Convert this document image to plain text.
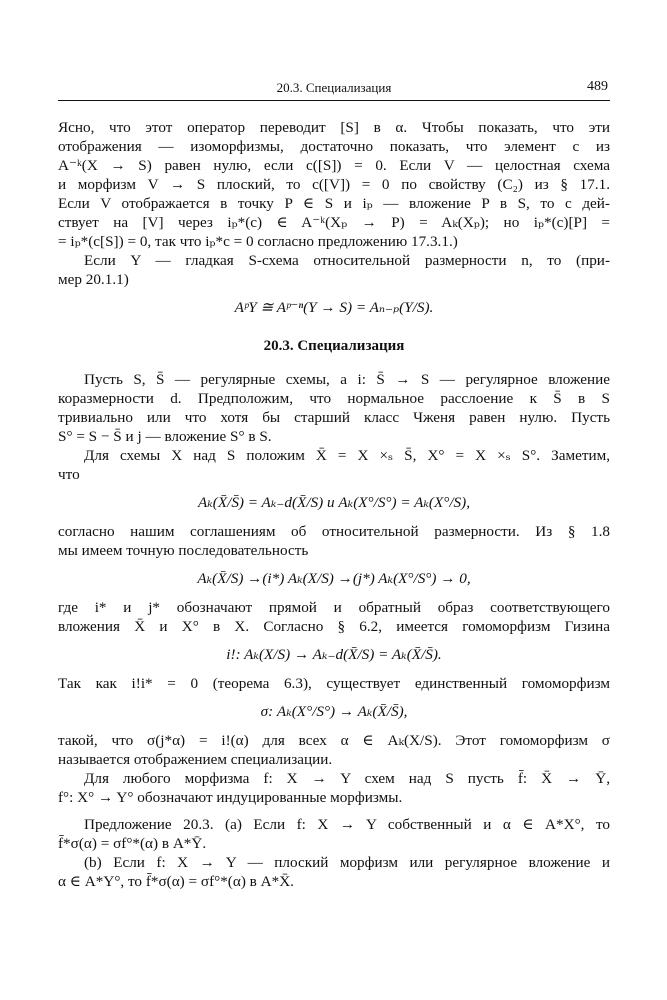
20.3. Специализация	489
Ясно, что этот оператор переводит [S] в α. Чтобы показать, что эти
отображения — изоморфизмы, достаточно показать, что элемент c из
A⁻ᵏ(X → S) равен нулю, если c([S]) = 0. Если V — целостная схема
и морфизм V → S плоский, то c([V]) = 0 по свойству (C₂) из § 17.1.
Если V отображается в точку P ∈ S и iₚ — вложение P в S, то c дей-
ствует на [V] через iₚ*(c) ∈ A⁻ᵏ(Xₚ → P) = Aₖ(Xₚ); но iₚ*(c)[P] =
= iₚ*(c[S]) = 0, так что iₚ*c = 0 согласно предложению 17.3.1.)
Если Y — гладкая S-схема относительной размерности n, то (при-
мер 20.1.1)
AᵖY ≅ Aᵖ⁻ⁿ(Y → S) = Aₙ₋ₚ(Y/S).
20.3. Специализация
Пусть S, S̄ — регулярные схемы, а i: S̄ → S — регулярное вложение
коразмерности d. Предположим, что нормальное расслоение к S̄ в S
тривиально или что хотя бы старший класс Чженя равен нулю. Пусть
S° = S − S̄ и j — вложение S° в S.
Для схемы X над S положим X̄ = X ×ₛ S̄, X° = X ×ₛ S°. Заметим,
что
Aₖ(X̄/S̄) = Aₖ₋d(X̄/S) и Aₖ(X°/S°) = Aₖ(X°/S),
согласно нашим соглашениям об относительной размерности. Из § 1.8
мы имеем точную последовательность
Aₖ(X̄/S) →(i*) Aₖ(X/S) →(j*) Aₖ(X°/S°) → 0,
где i* и j* обозначают прямой и обратный образ соответствующего
вложения X̄ и X° в X. Согласно § 6.2, имеется гомоморфизм Гизина
i!: Aₖ(X/S) → Aₖ₋d(X̄/S) = Aₖ(X̄/S̄).
Так как i!i* = 0 (теорема 6.3), существует единственный гомоморфизм
σ: Aₖ(X°/S°) → Aₖ(X̄/S̄),
такой, что σ(j*α) = i!(α) для всех α ∈ Aₖ(X/S). Этот гомоморфизм σ
называется отображением специализации.
Для любого морфизма f: X → Y схем над S пусть f̄: X̄ → Ȳ,
f°: X° → Y° обозначают индуцированные морфизмы.
Предложение 20.3. (a) Если f: X → Y собственный и α ∈ A*X°, то
f̄*σ(α) = σf°*(α) в A*Ȳ.
(b) Если f: X → Y — плоский морфизм или регулярное вложение и
α ∈ A*Y°, то f̄*σ(α) = σf°*(α) в A*X̄.
